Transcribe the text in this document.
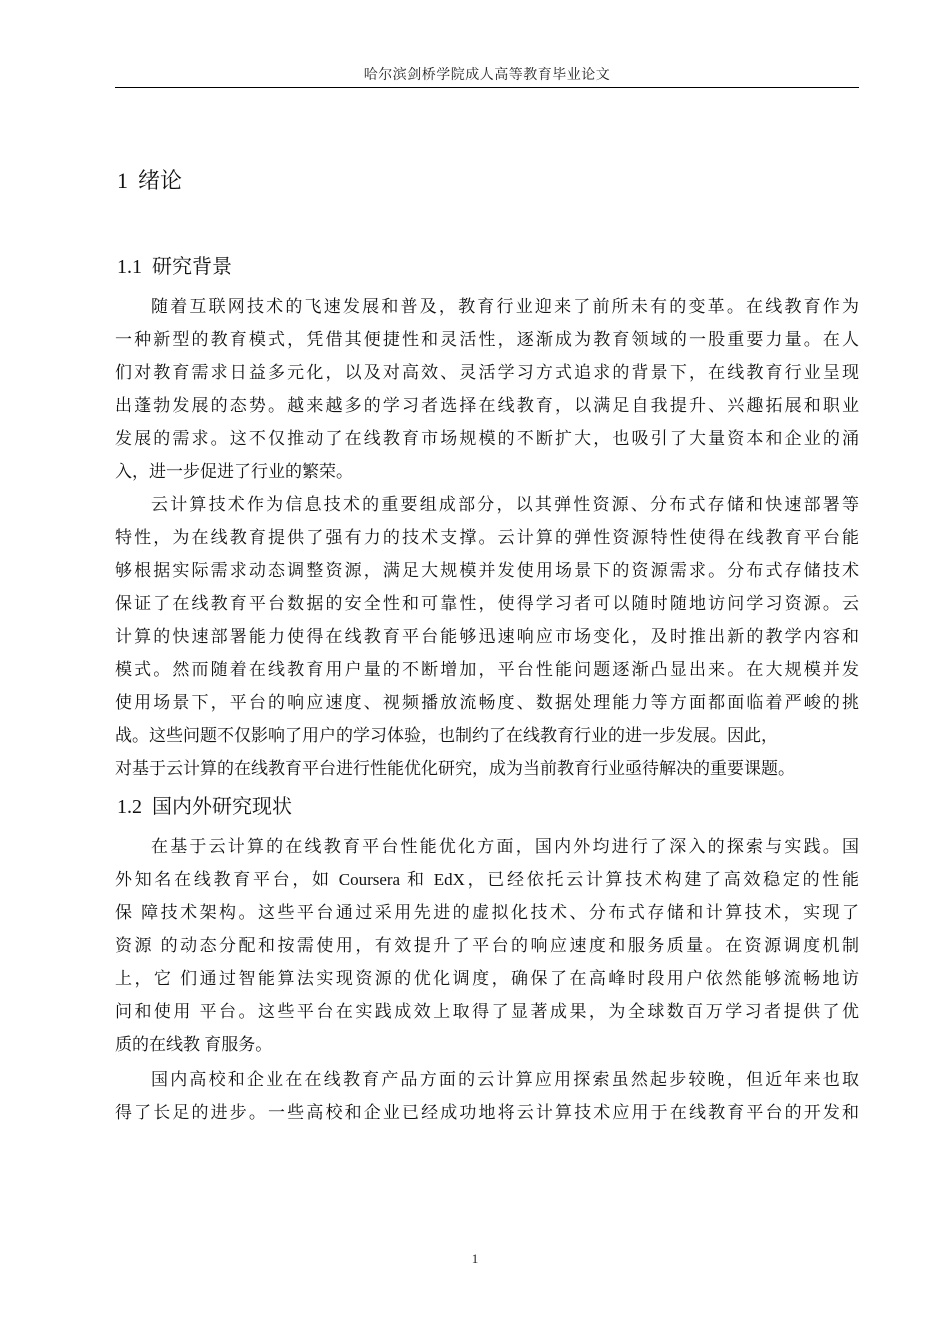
哈尔滨剑桥学院成人高等教育毕业论文
1 绪论
1.1 研究背景
随着互联网技术的飞速发展和普及，教育行业迎来了前所未有的变革。在线教育作为
一种新型的教育模式，凭借其便捷性和灵活性，逐渐成为教育领域的一股重要力量。在人
们对教育需求日益多元化，以及对高效、灵活学习方式追求的背景下，在线教育行业呈现
出蓬勃发展的态势。越来越多的学习者选择在线教育，以满足自我提升、兴趣拓展和职业
发展的需求。这不仅推动了在线教育市场规模的不断扩大，也吸引了大量资本和企业的涌
入，进一步促进了行业的繁荣。
云计算技术作为信息技术的重要组成部分，以其弹性资源、分布式存储和快速部署等
特性，为在线教育提供了强有力的技术支撑。云计算的弹性资源特性使得在线教育平台能
够根据实际需求动态调整资源，满足大规模并发使用场景下的资源需求。分布式存储技术
保证了在线教育平台数据的安全性和可靠性，使得学习者可以随时随地访问学习资源。云
计算的快速部署能力使得在线教育平台能够迅速响应市场变化，及时推出新的教学内容和
模式。然而随着在线教育用户量的不断增加，平台性能问题逐渐凸显出来。在大规模并发
使用场景下，平台的响应速度、视频播放流畅度、数据处理能力等方面都面临着严峻的挑
战。这些问题不仅影响了用户的学习体验，也制约了在线教育行业的进一步发展。因此，
对基于云计算的在线教育平台进行性能优化研究，成为当前教育行业亟待解决的重要课题。
1.2 国内外研究现状
在基于云计算的在线教育平台性能优化方面，国内外均进行了深入的探索与实践。国
外知名在线教育平台，如 Coursera 和 EdX，已经依托云计算技术构建了高效稳定的性能
保 障技术架构。这些平台通过采用先进的虚拟化技术、分布式存储和计算技术，实现了
资源 的动态分配和按需使用，有效提升了平台的响应速度和服务质量。在资源调度机制
上，它 们通过智能算法实现资源的优化调度，确保了在高峰时段用户依然能够流畅地访
问和使用 平台。这些平台在实践成效上取得了显著成果，为全球数百万学习者提供了优
质的在线教 育服务。
国内高校和企业在在线教育产品方面的云计算应用探索虽然起步较晚，但近年来也取
得了长足的进步。一些高校和企业已经成功地将云计算技术应用于在线教育平台的开发和
1
